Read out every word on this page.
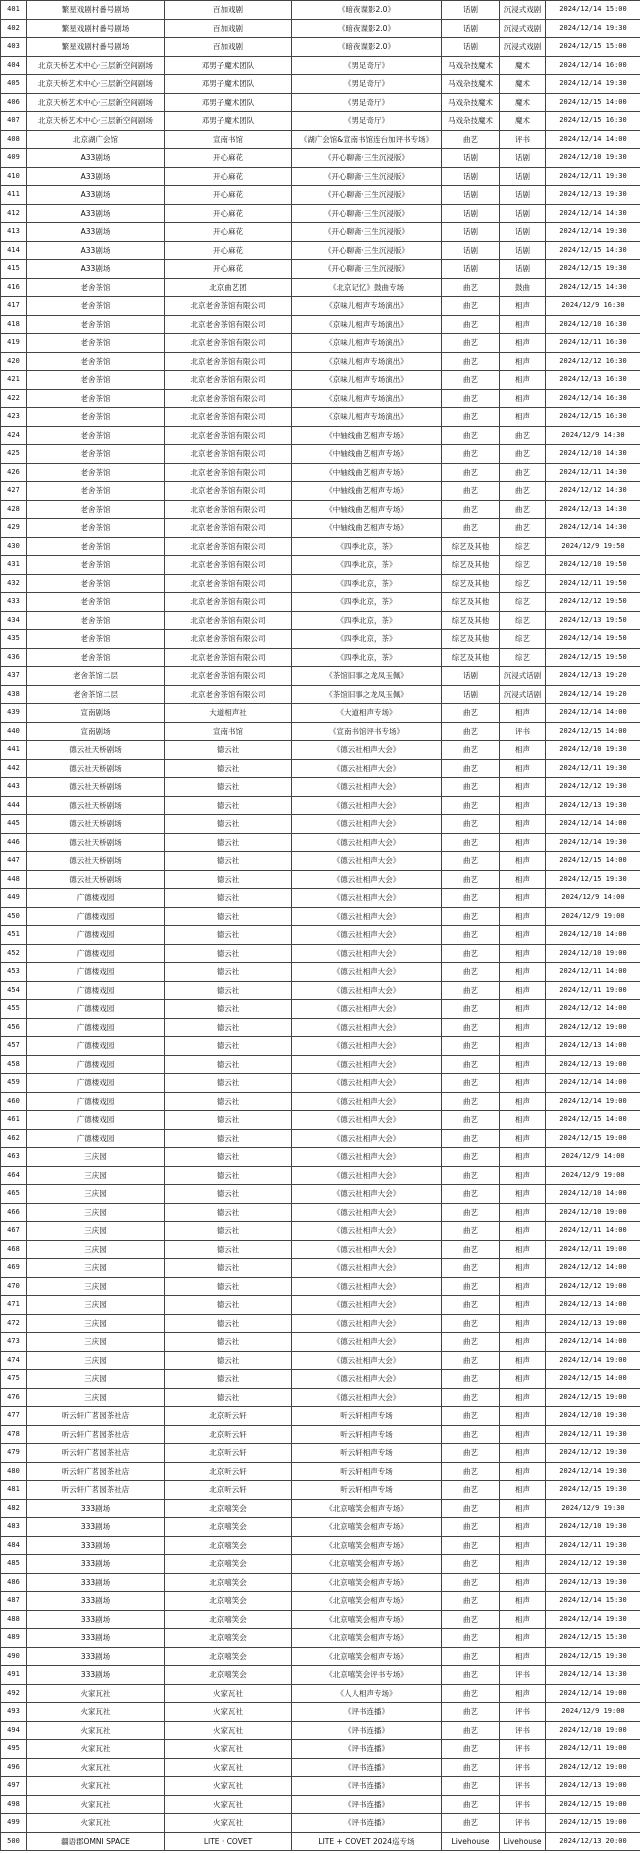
401	繁星戏剧村番号剧场	百加戏剧	《暗夜谍影2.0》	话剧	沉浸式戏剧	2024/12/14 15:00
402	繁星戏剧村番号剧场	百加戏剧	《暗夜谍影2.0》	话剧	沉浸式戏剧	2024/12/14 19:30
403	繁星戏剧村番号剧场	百加戏剧	《暗夜谍影2.0》	话剧	沉浸式戏剧	2024/12/15 15:00
404	北京天桥艺术中心·三层新空间剧场	邓男子魔术团队	《男足奇厅》	马戏杂技魔术	魔术	2024/12/14 16:00
405	北京天桥艺术中心·三层新空间剧场	邓男子魔术团队	《男足奇厅》	马戏杂技魔术	魔术	2024/12/14 19:30
406	北京天桥艺术中心·三层新空间剧场	邓男子魔术团队	《男足奇厅》	马戏杂技魔术	魔术	2024/12/15 14:00
407	北京天桥艺术中心·三层新空间剧场	邓男子魔术团队	《男足奇厅》	马戏杂技魔术	魔术	2024/12/15 16:30
408	北京湖广会馆	宣南书馆	《湖广会馆&宣南书馆连台加评书专场》	曲艺	评书	2024/12/14 14:00
409	A33剧场	开心麻花	《开心聊斋·三生沉浸版》	话剧	话剧	2024/12/10 19:30
410	A33剧场	开心麻花	《开心聊斋·三生沉浸版》	话剧	话剧	2024/12/11 19:30
411	A33剧场	开心麻花	《开心聊斋·三生沉浸版》	话剧	话剧	2024/12/13 19:30
412	A33剧场	开心麻花	《开心聊斋·三生沉浸版》	话剧	话剧	2024/12/14 14:30
413	A33剧场	开心麻花	《开心聊斋·三生沉浸版》	话剧	话剧	2024/12/14 19:30
414	A33剧场	开心麻花	《开心聊斋·三生沉浸版》	话剧	话剧	2024/12/15 14:30
415	A33剧场	开心麻花	《开心聊斋·三生沉浸版》	话剧	话剧	2024/12/15 19:30
416	老舍茶馆	北京曲艺团	《北京记忆》鼓曲专场	曲艺	鼓曲	2024/12/15 14:30
417	老舍茶馆	北京老舍茶馆有限公司	《京味儿相声专场演出》	曲艺	相声	2024/12/9 16:30
418	老舍茶馆	北京老舍茶馆有限公司	《京味儿相声专场演出》	曲艺	相声	2024/12/10 16:30
419	老舍茶馆	北京老舍茶馆有限公司	《京味儿相声专场演出》	曲艺	相声	2024/12/11 16:30
420	老舍茶馆	北京老舍茶馆有限公司	《京味儿相声专场演出》	曲艺	相声	2024/12/12 16:30
421	老舍茶馆	北京老舍茶馆有限公司	《京味儿相声专场演出》	曲艺	相声	2024/12/13 16:30
422	老舍茶馆	北京老舍茶馆有限公司	《京味儿相声专场演出》	曲艺	相声	2024/12/14 16:30
423	老舍茶馆	北京老舍茶馆有限公司	《京味儿相声专场演出》	曲艺	相声	2024/12/15 16:30
424	老舍茶馆	北京老舍茶馆有限公司	《中轴线曲艺相声专场》	曲艺	曲艺	2024/12/9 14:30
425	老舍茶馆	北京老舍茶馆有限公司	《中轴线曲艺相声专场》	曲艺	曲艺	2024/12/10 14:30
426	老舍茶馆	北京老舍茶馆有限公司	《中轴线曲艺相声专场》	曲艺	曲艺	2024/12/11 14:30
427	老舍茶馆	北京老舍茶馆有限公司	《中轴线曲艺相声专场》	曲艺	曲艺	2024/12/12 14:30
428	老舍茶馆	北京老舍茶馆有限公司	《中轴线曲艺相声专场》	曲艺	曲艺	2024/12/13 14:30
429	老舍茶馆	北京老舍茶馆有限公司	《中轴线曲艺相声专场》	曲艺	曲艺	2024/12/14 14:30
430	老舍茶馆	北京老舍茶馆有限公司	《四季北京，茶》	综艺及其他	综艺	2024/12/9 19:50
431	老舍茶馆	北京老舍茶馆有限公司	《四季北京，茶》	综艺及其他	综艺	2024/12/10 19:50
432	老舍茶馆	北京老舍茶馆有限公司	《四季北京，茶》	综艺及其他	综艺	2024/12/11 19:50
433	老舍茶馆	北京老舍茶馆有限公司	《四季北京，茶》	综艺及其他	综艺	2024/12/12 19:50
434	老舍茶馆	北京老舍茶馆有限公司	《四季北京，茶》	综艺及其他	综艺	2024/12/13 19:50
435	老舍茶馆	北京老舍茶馆有限公司	《四季北京，茶》	综艺及其他	综艺	2024/12/14 19:50
436	老舍茶馆	北京老舍茶馆有限公司	《四季北京，茶》	综艺及其他	综艺	2024/12/15 19:50
437	老舍茶馆二层	北京老舍茶馆有限公司	《茶馆旧事之龙凤玉佩》	话剧	沉浸式话剧	2024/12/13 19:20
438	老舍茶馆二层	北京老舍茶馆有限公司	《茶馆旧事之龙凤玉佩》	话剧	沉浸式话剧	2024/12/14 19:20
439	宣南剧场	大道相声社	《大道相声专场》	曲艺	相声	2024/12/14 14:00
440	宣南剧场	宣南书馆	《宣南书馆评书专场》	曲艺	评书	2024/12/15 14:00
441	德云社天桥剧场	德云社	《德云社相声大会》	曲艺	相声	2024/12/10 19:30
442	德云社天桥剧场	德云社	《德云社相声大会》	曲艺	相声	2024/12/11 19:30
443	德云社天桥剧场	德云社	《德云社相声大会》	曲艺	相声	2024/12/12 19:30
444	德云社天桥剧场	德云社	《德云社相声大会》	曲艺	相声	2024/12/13 19:30
445	德云社天桥剧场	德云社	《德云社相声大会》	曲艺	相声	2024/12/14 14:00
446	德云社天桥剧场	德云社	《德云社相声大会》	曲艺	相声	2024/12/14 19:30
447	德云社天桥剧场	德云社	《德云社相声大会》	曲艺	相声	2024/12/15 14:00
448	德云社天桥剧场	德云社	《德云社相声大会》	曲艺	相声	2024/12/15 19:30
449	广德楼戏园	德云社	《德云社相声大会》	曲艺	相声	2024/12/9 14:00
450	广德楼戏园	德云社	《德云社相声大会》	曲艺	相声	2024/12/9 19:00
451	广德楼戏园	德云社	《德云社相声大会》	曲艺	相声	2024/12/10 14:00
452	广德楼戏园	德云社	《德云社相声大会》	曲艺	相声	2024/12/10 19:00
453	广德楼戏园	德云社	《德云社相声大会》	曲艺	相声	2024/12/11 14:00
454	广德楼戏园	德云社	《德云社相声大会》	曲艺	相声	2024/12/11 19:00
455	广德楼戏园	德云社	《德云社相声大会》	曲艺	相声	2024/12/12 14:00
456	广德楼戏园	德云社	《德云社相声大会》	曲艺	相声	2024/12/12 19:00
457	广德楼戏园	德云社	《德云社相声大会》	曲艺	相声	2024/12/13 14:00
458	广德楼戏园	德云社	《德云社相声大会》	曲艺	相声	2024/12/13 19:00
459	广德楼戏园	德云社	《德云社相声大会》	曲艺	相声	2024/12/14 14:00
460	广德楼戏园	德云社	《德云社相声大会》	曲艺	相声	2024/12/14 19:00
461	广德楼戏园	德云社	《德云社相声大会》	曲艺	相声	2024/12/15 14:00
462	广德楼戏园	德云社	《德云社相声大会》	曲艺	相声	2024/12/15 19:00
463	三庆园	德云社	《德云社相声大会》	曲艺	相声	2024/12/9 14:00
464	三庆园	德云社	《德云社相声大会》	曲艺	相声	2024/12/9 19:00
465	三庆园	德云社	《德云社相声大会》	曲艺	相声	2024/12/10 14:00
466	三庆园	德云社	《德云社相声大会》	曲艺	相声	2024/12/10 19:00
467	三庆园	德云社	《德云社相声大会》	曲艺	相声	2024/12/11 14:00
468	三庆园	德云社	《德云社相声大会》	曲艺	相声	2024/12/11 19:00
469	三庆园	德云社	《德云社相声大会》	曲艺	相声	2024/12/12 14:00
470	三庆园	德云社	《德云社相声大会》	曲艺	相声	2024/12/12 19:00
471	三庆园	德云社	《德云社相声大会》	曲艺	相声	2024/12/13 14:00
472	三庆园	德云社	《德云社相声大会》	曲艺	相声	2024/12/13 19:00
473	三庆园	德云社	《德云社相声大会》	曲艺	相声	2024/12/14 14:00
474	三庆园	德云社	《德云社相声大会》	曲艺	相声	2024/12/14 19:00
475	三庆园	德云社	《德云社相声大会》	曲艺	相声	2024/12/15 14:00
476	三庆园	德云社	《德云社相声大会》	曲艺	相声	2024/12/15 19:00
477	听云轩广茗园茶社店	北京听云轩	听云轩相声专场	曲艺	相声	2024/12/10 19:30
478	听云轩广茗园茶社店	北京听云轩	听云轩相声专场	曲艺	相声	2024/12/11 19:30
479	听云轩广茗园茶社店	北京听云轩	听云轩相声专场	曲艺	相声	2024/12/12 19:30
480	听云轩广茗园茶社店	北京听云轩	听云轩相声专场	曲艺	相声	2024/12/14 19:30
481	听云轩广茗园茶社店	北京听云轩	听云轩相声专场	曲艺	相声	2024/12/15 19:30
482	333剧场	北京嘻笑会	《北京嘻笑会相声专场》	曲艺	相声	2024/12/9 19:30
483	333剧场	北京嘻笑会	《北京嘻笑会相声专场》	曲艺	相声	2024/12/10 19:30
484	333剧场	北京嘻笑会	《北京嘻笑会相声专场》	曲艺	相声	2024/12/11 19:30
485	333剧场	北京嘻笑会	《北京嘻笑会相声专场》	曲艺	相声	2024/12/12 19:30
486	333剧场	北京嘻笑会	《北京嘻笑会相声专场》	曲艺	相声	2024/12/13 19:30
487	333剧场	北京嘻笑会	《北京嘻笑会相声专场》	曲艺	相声	2024/12/14 15:30
488	333剧场	北京嘻笑会	《北京嘻笑会相声专场》	曲艺	相声	2024/12/14 19:30
489	333剧场	北京嘻笑会	《北京嘻笑会相声专场》	曲艺	相声	2024/12/15 15:30
490	333剧场	北京嘻笑会	《北京嘻笑会相声专场》	曲艺	相声	2024/12/15 19:30
491	333剧场	北京嘻笑会	《北京嘻笑会评书专场》	曲艺	评书	2024/12/14 13:30
492	火家瓦社	火家瓦社	《人人相声专场》	曲艺	相声	2024/12/14 19:00
493	火家瓦社	火家瓦社	《评书连播》	曲艺	评书	2024/12/9 19:00
494	火家瓦社	火家瓦社	《评书连播》	曲艺	评书	2024/12/10 19:00
495	火家瓦社	火家瓦社	《评书连播》	曲艺	评书	2024/12/11 19:00
496	火家瓦社	火家瓦社	《评书连播》	曲艺	评书	2024/12/12 19:00
497	火家瓦社	火家瓦社	《评书连播》	曲艺	评书	2024/12/13 19:00
498	火家瓦社	火家瓦社	《评书连播》	曲艺	评书	2024/12/15 19:00
499	火家瓦社	火家瓦社	《评书连播》	曲艺	评书	2024/12/15 19:00
500	疆语郡OMNI SPACE	LITE · COVET	LITE + COVET 2024巡专场	Livehouse	Livehouse	2024/12/13 20:00
